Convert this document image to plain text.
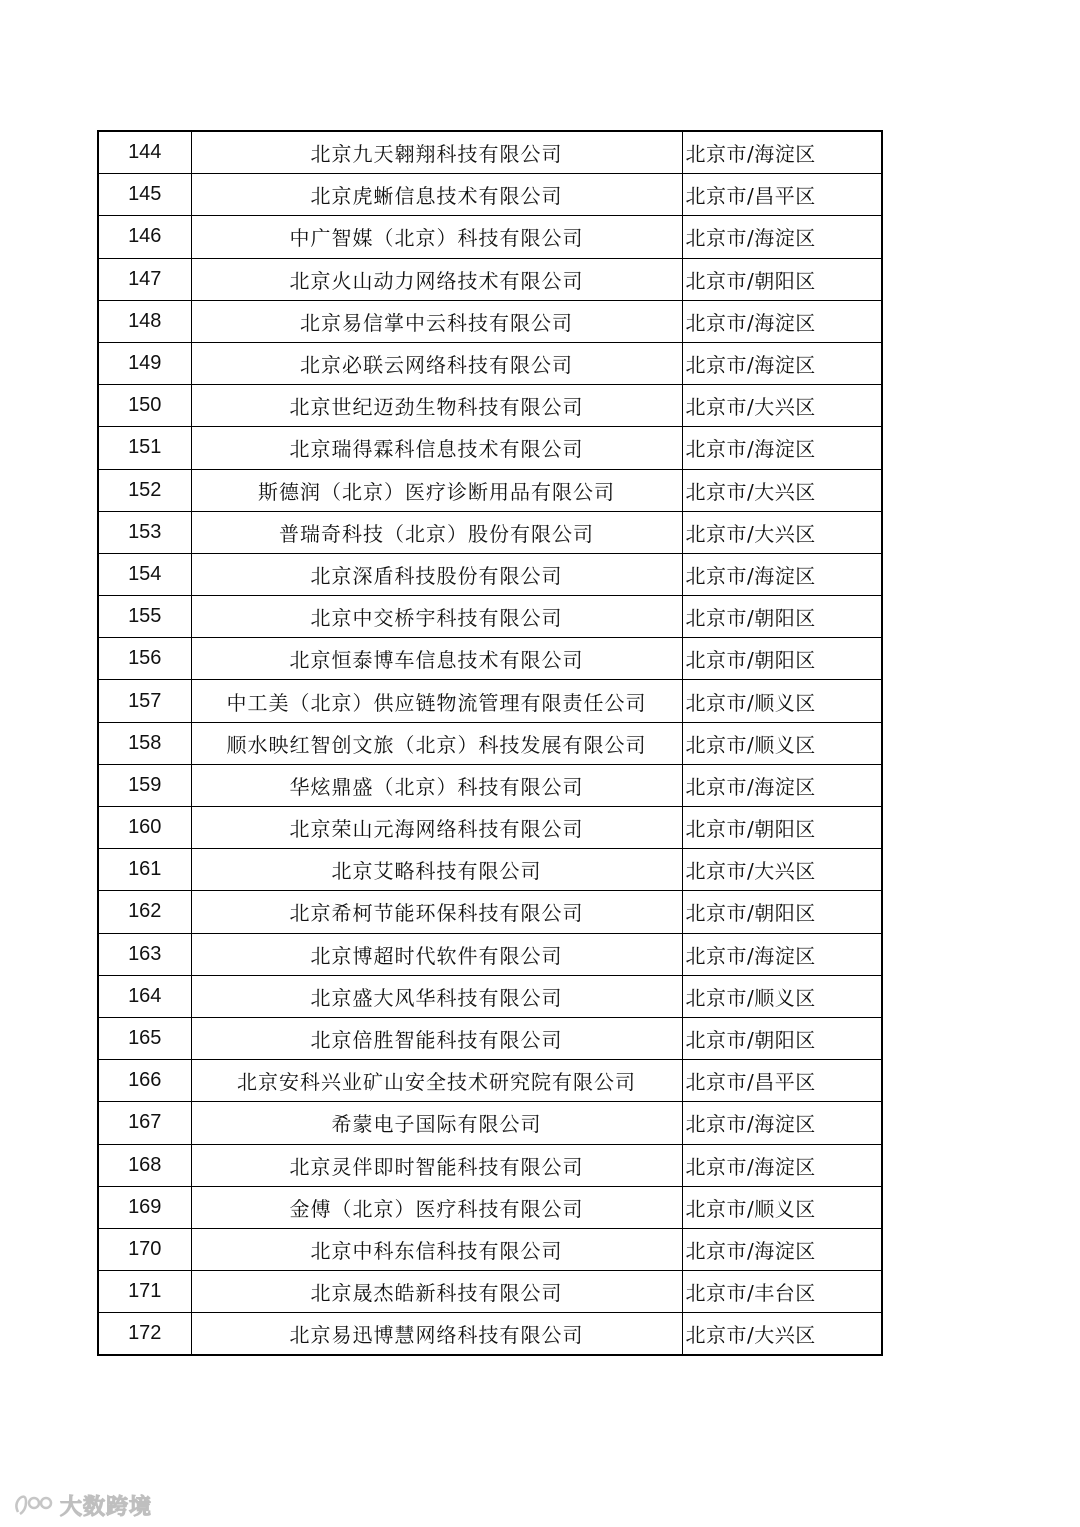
144	北京九天翱翔科技有限公司	北京市/海淀区
145	北京虎蜥信息技术有限公司	北京市/昌平区
146	中广智媒（北京）科技有限公司	北京市/海淀区
147	北京火山动力网络技术有限公司	北京市/朝阳区
148	北京易信掌中云科技有限公司	北京市/海淀区
149	北京必联云网络科技有限公司	北京市/海淀区
150	北京世纪迈劲生物科技有限公司	北京市/大兴区
151	北京瑞得霖科信息技术有限公司	北京市/海淀区
152	斯德润（北京）医疗诊断用品有限公司	北京市/大兴区
153	普瑞奇科技（北京）股份有限公司	北京市/大兴区
154	北京深盾科技股份有限公司	北京市/海淀区
155	北京中交桥宇科技有限公司	北京市/朝阳区
156	北京恒泰博车信息技术有限公司	北京市/朝阳区
157	中工美（北京）供应链物流管理有限责任公司	北京市/顺义区
158	顺水映红智创文旅（北京）科技发展有限公司	北京市/顺义区
159	华炫鼎盛（北京）科技有限公司	北京市/海淀区
160	北京荣山元海网络科技有限公司	北京市/朝阳区
161	北京艾略科技有限公司	北京市/大兴区
162	北京希柯节能环保科技有限公司	北京市/朝阳区
163	北京博超时代软件有限公司	北京市/海淀区
164	北京盛大风华科技有限公司	北京市/顺义区
165	北京倍胜智能科技有限公司	北京市/朝阳区
166	北京安科兴业矿山安全技术研究院有限公司	北京市/昌平区
167	希蒙电子国际有限公司	北京市/海淀区
168	北京灵伴即时智能科技有限公司	北京市/海淀区
169	金傅（北京）医疗科技有限公司	北京市/顺义区
170	北京中科东信科技有限公司	北京市/海淀区
171	北京晟杰皓新科技有限公司	北京市/丰台区
172	北京易迅博慧网络科技有限公司	北京市/大兴区
大数跨境
